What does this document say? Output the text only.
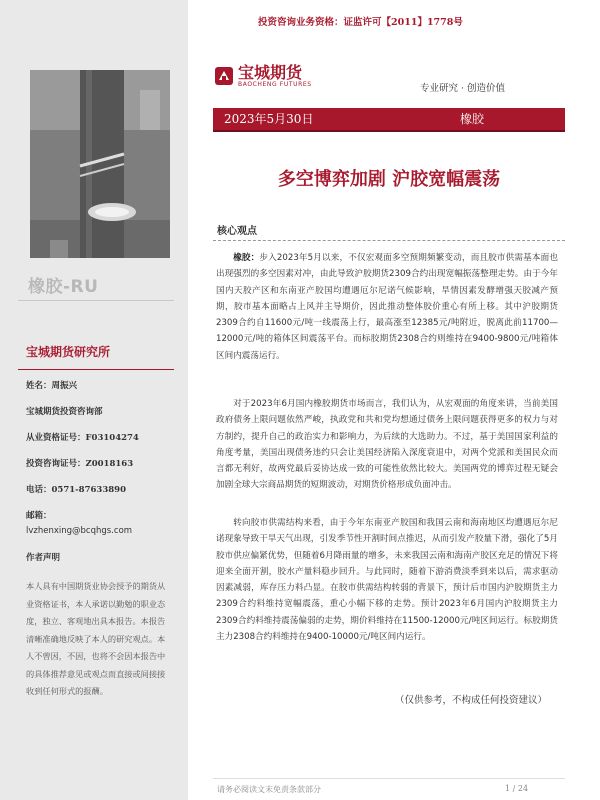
橡胶-RU
宝城期货研究所
姓名：周振兴
宝城期货投资咨询部
从业资格证号：F03104274
投资咨询证号：Z0018163
电话：0571-87633890
邮箱：
lvzhenxing@bcqhgs.com
作者声明
本人具有中国期货业协会授予的期货从业资格证书，本人承诺以勤勉的职业态度，独立、客观地出具本报告。本报告清晰准确地反映了本人的研究观点。本人不曾因，不因，也将不会因本报告中的具体推荐意见或观点而直接或间接接收到任何形式的报酬。
投资咨询业务资格：证监许可【2011】1778号
宝城期货
BAOCHENG FUTURES	专业研究 · 创造价值
2023年5月30日	橡胶
多空博弈加剧 沪胶宽幅震荡
核心观点

橡胶：步入2023年5月以来，不仅宏观面多空预期频繁变动，而且胶市供需基本面也出现强烈的多空因素对冲，由此导致沪胶期货2309合约出现宽幅振荡整理走势。由于今年国内天胶产区和东南亚产胶国均遭遇厄尔尼诺气候影响，旱情因素发酵增强天胶减产预期，胶市基本面略占上风并主导期价，因此推动整体胶价重心有所上移。其中沪胶期货2309合约自11600元/吨一线震荡上行，最高涨至12385元/吨附近，脱离此前11700—12000元/吨的箱体区间震荡平台。而标胶期货2308合约则维持在9400-9800元/吨箱体区间内震荡运行。

对于2023年6月国内橡胶期货市场而言，我们认为，从宏观面的角度来讲，当前美国政府债务上限问题依然严峻，执政党和共和党均想通过债务上限问题获得更多的权力与对方制约，提升自己的政治实力和影响力，为后续的大选助力。不过，基于美国国家利益的角度考量，美国出现债务违约只会让美国经济陷入深度衰退中，对两个党派和美国民众而言都无利好，故两党最后妥协达成一致的可能性依然比较大。美国两党的博弈过程无疑会加剧全球大宗商品期货的短期波动，对期货价格形成负面冲击。

转向胶市供需结构来看，由于今年东南亚产胶国和我国云南和海南地区均遭遇厄尔尼诺现象导致干旱天气出现，引发季节性开割时间点推迟，从而引发产胶量下滑，强化了5月胶市供应偏紧优势，但随着6月降雨量的增多，未来我国云南和海南产胶区充足的情况下将迎来全面开割，胶水产量料稳步回升。与此同时，随着下游消费淡季到来以后，需求驱动因素减弱，库存压力料凸显。在胶市供需结构转弱的背景下，预计后市国内沪胶期货主力2309合约料维持宽幅震荡，重心小幅下移的走势。预计2023年6月国内沪胶期货主力2309合约料维持震荡偏弱的走势，期价料维持在11500-12000元/吨区间运行。标胶期货主力2308合约料维持在9400-10000元/吨区间内运行。

（仅供参考，不构成任何投资建议）
请务必阅读文末免责条款部分	1 / 24
